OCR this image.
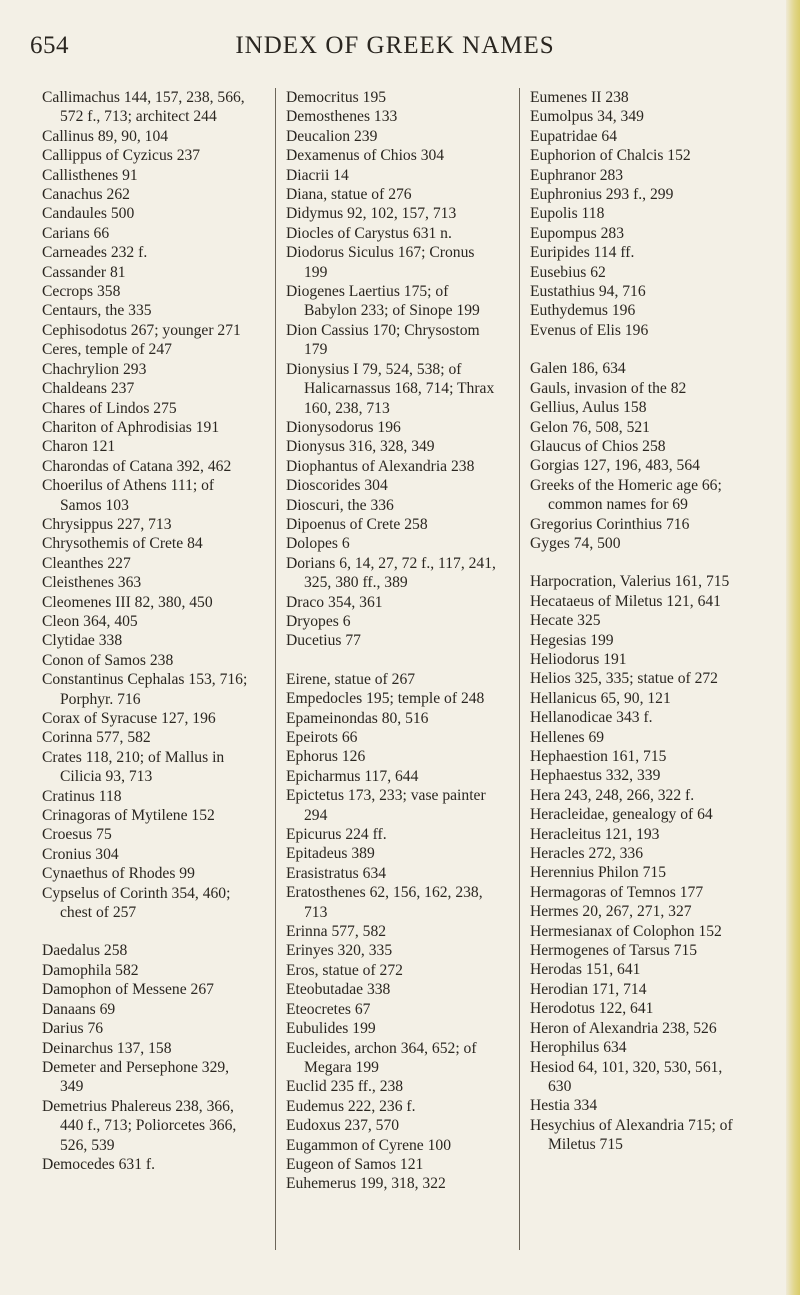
654	INDEX OF GREEK NAMES

Callimachus 144, 157, 238, 566, 572 f., 713; architect 244

Callinus 89, 90, 104

Callippus of Cyzicus 237

Callisthenes 91

Canachus 262

Candaules 500

Carians 66

Carneades 232 f.

Cassander 81

Cecrops 358

Centaurs, the 335

Cephisodotus 267; younger 271

Ceres, temple of 247

Chachrylion 293

Chaldeans 237

Chares of Lindos 275

Chariton of Aphrodisias 191

Charon 121

Charondas of Catana 392, 462

Choerilus of Athens 111; of Samos 103

Chrysippus 227, 713

Chrysothemis of Crete 84

Cleanthes 227

Cleisthenes 363

Cleomenes III 82, 380, 450

Cleon 364, 405

Clytidae 338

Conon of Samos 238

Constantinus Cephalas 153, 716; Porphyr. 716

Corax of Syracuse 127, 196

Corinna 577, 582

Crates 118, 210; of Mallus in Cilicia 93, 713

Cratinus 118

Crinagoras of Mytilene 152

Croesus 75

Cronius 304

Cynaethus of Rhodes 99

Cypselus of Corinth 354, 460; chest of 257

Daedalus 258

Damophila 582

Damophon of Messene 267

Danaans 69

Darius 76

Deinarchus 137, 158

Demeter and Persephone 329, 349

Demetrius Phalereus 238, 366, 440 f., 713; Poliorcetes 366, 526, 539

Democedes 631 f.

Democritus 195

Demosthenes 133

Deucalion 239

Dexamenus of Chios 304

Diacrii 14

Diana, statue of 276

Didymus 92, 102, 157, 713

Diocles of Carystus 631 n.

Diodorus Siculus 167; Cronus 199

Diogenes Laertius 175; of Babylon 233; of Sinope 199

Dion Cassius 170; Chrysostom 179

Dionysius I 79, 524, 538; of Halicarnassus 168, 714; Thrax 160, 238, 713

Dionysodorus 196

Dionysus 316, 328, 349

Diophantus of Alexandria 238

Dioscorides 304

Dioscuri, the 336

Dipoenus of Crete 258

Dolopes 6

Dorians 6, 14, 27, 72 f., 117, 241, 325, 380 ff., 389

Draco 354, 361

Dryopes 6

Ducetius 77

Eirene, statue of 267

Empedocles 195; temple of 248

Epameinondas 80, 516

Epeirots 66

Ephorus 126

Epicharmus 117, 644

Epictetus 173, 233; vase painter 294

Epicurus 224 ff.

Epitadeus 389

Erasistratus 634

Eratosthenes 62, 156, 162, 238, 713

Erinna 577, 582

Erinyes 320, 335

Eros, statue of 272

Eteobutadae 338

Eteocretes 67

Eubulides 199

Eucleides, archon 364, 652; of Megara 199

Euclid 235 ff., 238

Eudemus 222, 236 f.

Eudoxus 237, 570

Eugammon of Cyrene 100

Eugeon of Samos 121

Euhemerus 199, 318, 322

Eumenes II 238

Eumolpus 34, 349

Eupatridae 64

Euphorion of Chalcis 152

Euphranor 283

Euphronius 293 f., 299

Eupolis 118

Eupompus 283

Euripides 114 ff.

Eusebius 62

Eustathius 94, 716

Euthydemus 196

Evenus of Elis 196

Galen 186, 634

Gauls, invasion of the 82

Gellius, Aulus 158

Gelon 76, 508, 521

Glaucus of Chios 258

Gorgias 127, 196, 483, 564

Greeks of the Homeric age 66; common names for 69

Gregorius Corinthius 716

Gyges 74, 500

Harpocration, Valerius 161, 715

Hecataeus of Miletus 121, 641

Hecate 325

Hegesias 199

Heliodorus 191

Helios 325, 335; statue of 272

Hellanicus 65, 90, 121

Hellanodicae 343 f.

Hellenes 69

Hephaestion 161, 715

Hephaestus 332, 339

Hera 243, 248, 266, 322 f.

Heracleidae, genealogy of 64

Heracleitus 121, 193

Heracles 272, 336

Herennius Philon 715

Hermagoras of Temnos 177

Hermes 20, 267, 271, 327

Hermesianax of Colophon 152

Hermogenes of Tarsus 715

Herodas 151, 641

Herodian 171, 714

Herodotus 122, 641

Heron of Alexandria 238, 526

Herophilus 634

Hesiod 64, 101, 320, 530, 561, 630

Hestia 334

Hesychius of Alexandria 715; of Miletus 715
